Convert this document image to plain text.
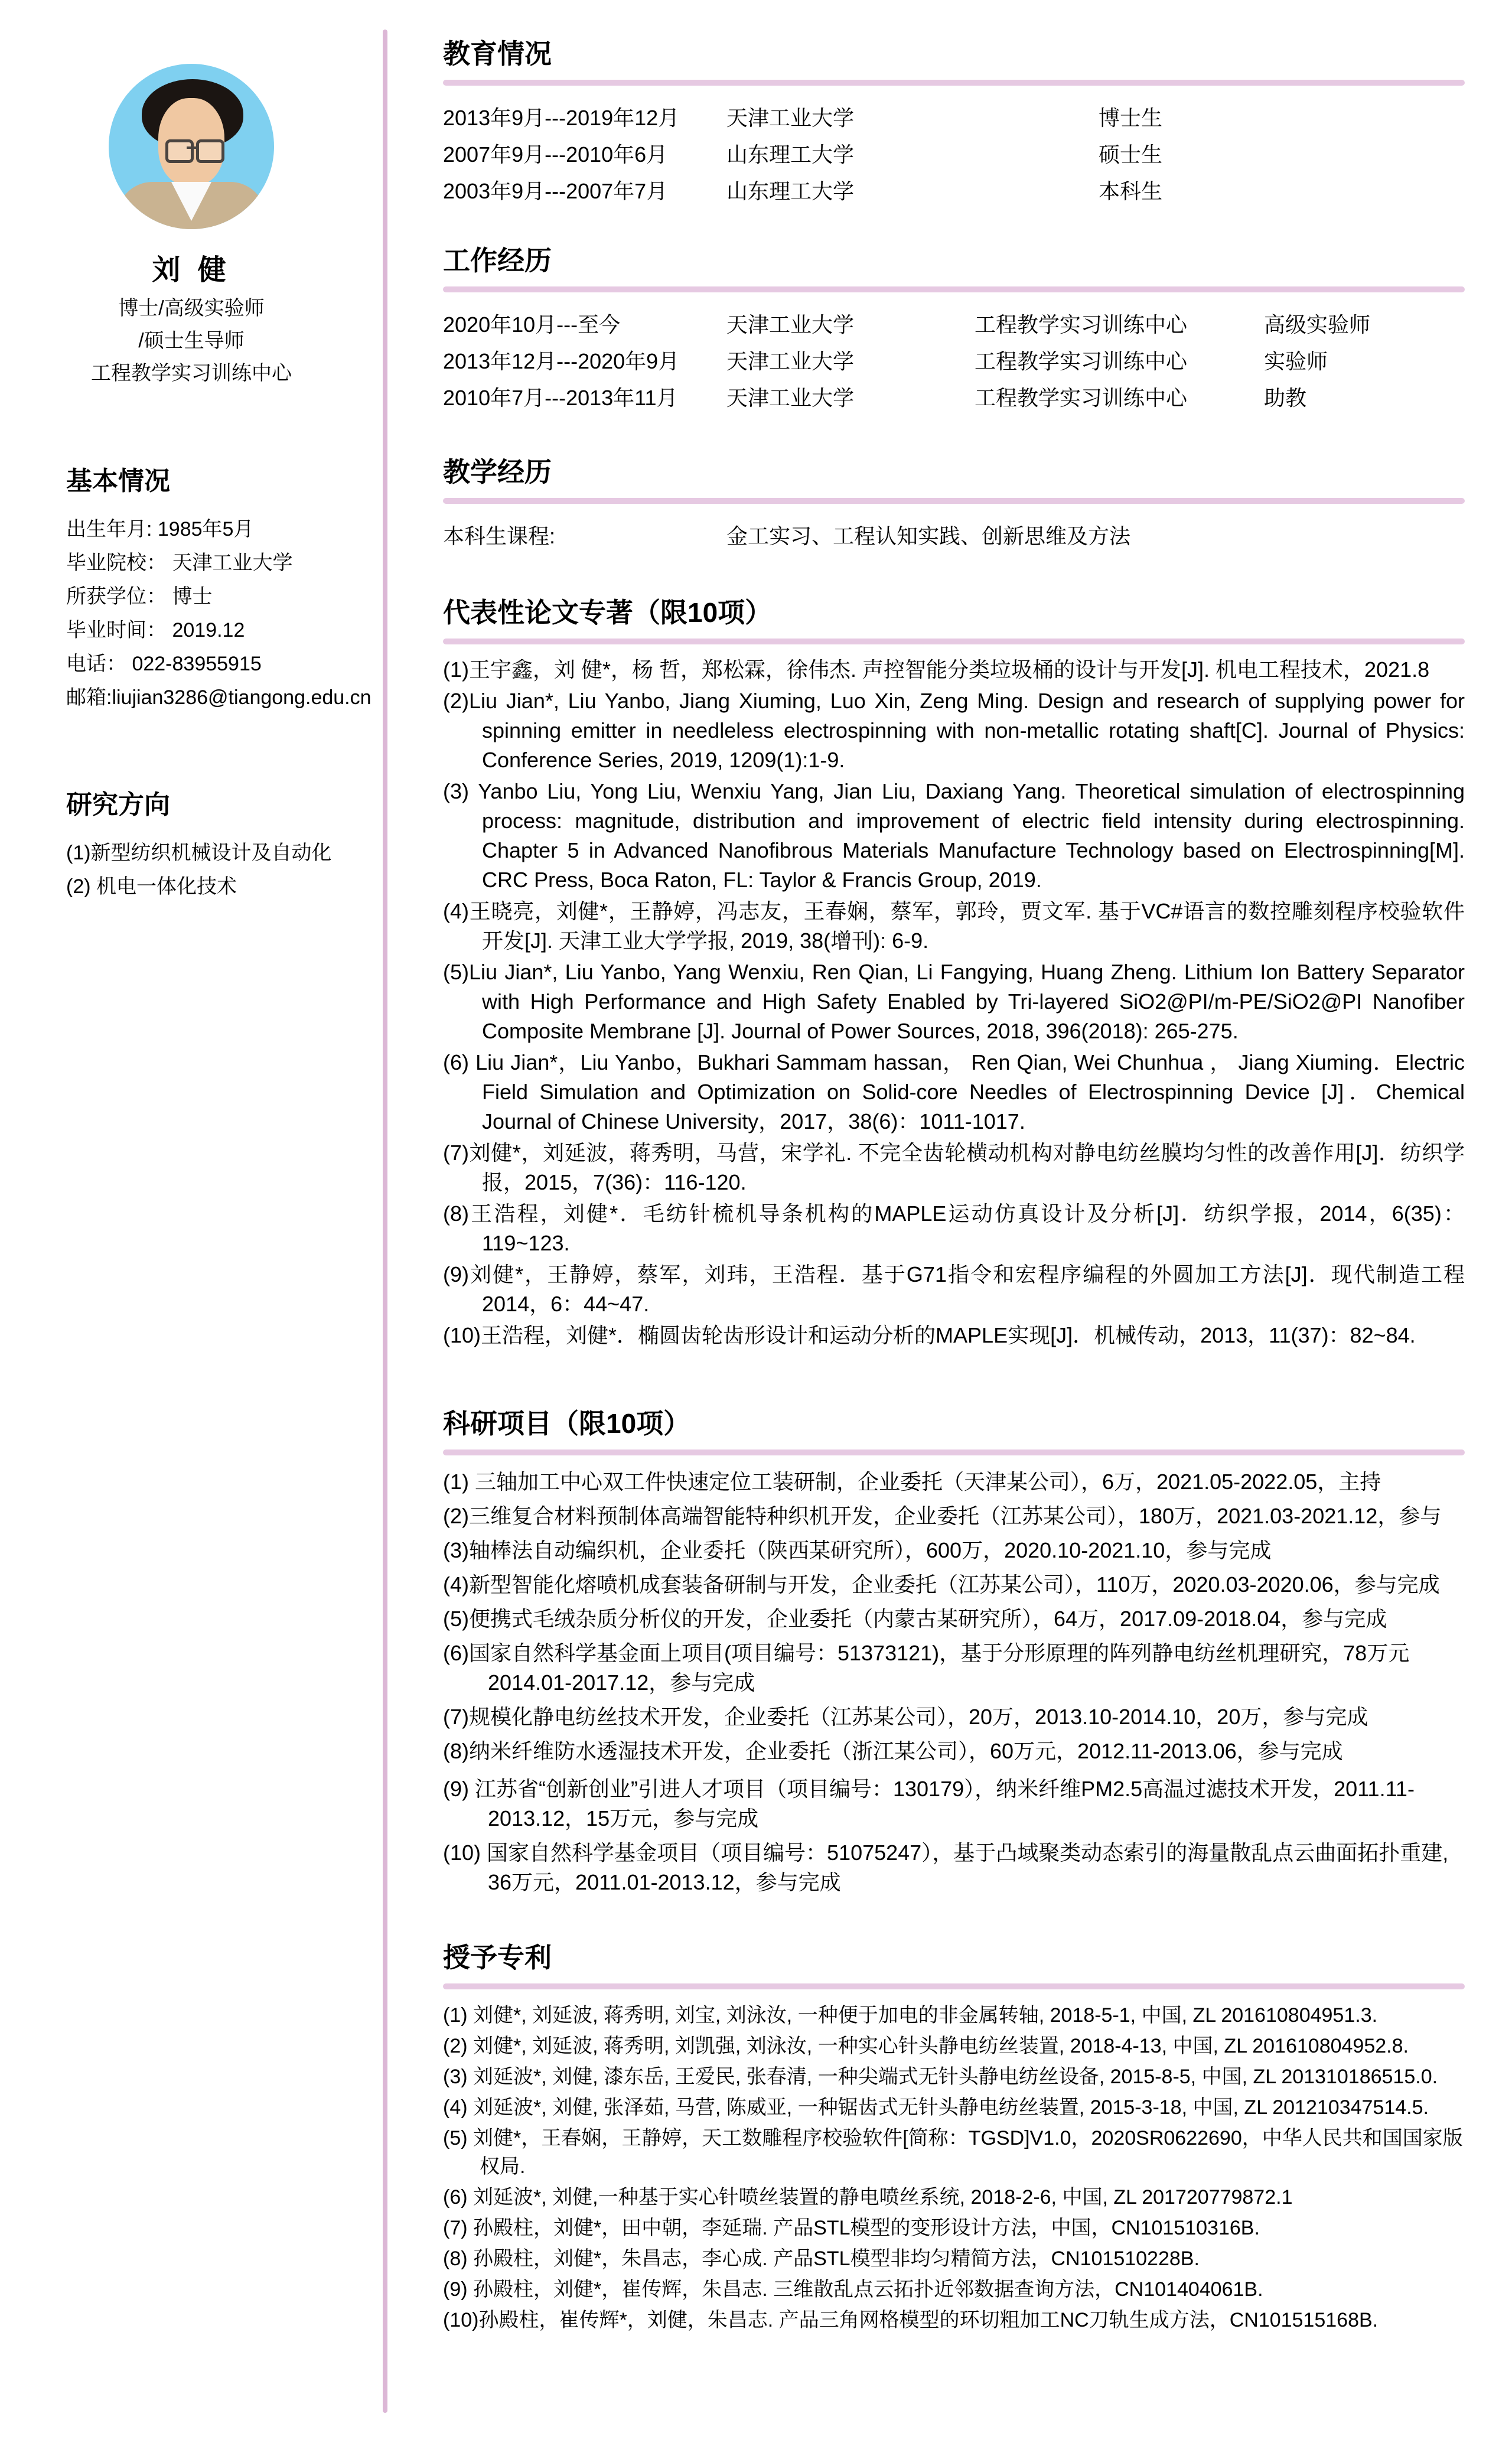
刘 健
博士/高级实验师
/硕士生导师
工程教学实习训练中心
基本情况
出生年月: 1985年5月
毕业院校： 天津工业大学
所获学位： 博士
毕业时间： 2019.12
电话： 022-83955915
邮箱:liujian3286@tiangong.edu.cn
研究方向
(1)新型纺织机械设计及自动化
(2) 机电一体化技术
教育情况
2013年9月---2019年12月	天津工业大学	博士生
2007年9月---2010年6月	山东理工大学	硕士生
2003年9月---2007年7月	山东理工大学	本科生
工作经历
2020年10月---至今	天津工业大学	工程教学实习训练中心	高级实验师
2013年12月---2020年9月	天津工业大学	工程教学实习训练中心	实验师
2010年7月---2013年11月	天津工业大学	工程教学实习训练中心	助教
教学经历
本科生课程:	金工实习、工程认知实践、创新思维及方法
代表性论文专著（限10项）
(1)王宇鑫，刘 健*，杨 哲，郑松霖，徐伟杰. 声控智能分类垃圾桶的设计与开发[J]. 机电工程技术，2021.8
(2)Liu Jian*, Liu Yanbo, Jiang Xiuming, Luo Xin, Zeng Ming. Design and research of supplying power for spinning emitter in needleless electrospinning with non-metallic rotating shaft[C]. Journal of Physics: Conference Series, 2019, 1209(1):1-9.
(3) Yanbo Liu, Yong Liu, Wenxiu Yang, Jian Liu, Daxiang Yang. Theoretical simulation of electrospinning process: magnitude, distribution and improvement of electric field intensity during electrospinning. Chapter 5 in Advanced Nanofibrous Materials Manufacture Technology based on Electrospinning[M]. CRC Press, Boca Raton, FL: Taylor & Francis Group, 2019.
(4)王晓亮，刘健*，王静婷，冯志友，王春娴，蔡军，郭玲，贾文军. 基于VC#语言的数控雕刻程序校验软件开发[J]. 天津工业大学学报, 2019, 38(增刊): 6-9.
(5)Liu Jian*, Liu Yanbo, Yang Wenxiu, Ren Qian, Li Fangying, Huang Zheng. Lithium Ion Battery Separator with High Performance and High Safety Enabled by Tri-layered SiO2@PI/m-PE/SiO2@PI Nanofiber Composite Membrane [J]. Journal of Power Sources, 2018, 396(2018): 265-275.
(6) Liu Jian*，Liu Yanbo，Bukhari Sammam hassan， Ren Qian, Wei Chunhua ， Jiang Xiuming．Electric Field Simulation and Optimization on Solid-core Needles of Electrospinning Device [J]．Chemical Journal of Chinese University，2017，38(6)：1011-1017.
(7)刘健*，刘延波，蒋秀明，马营，宋学礼. 不完全齿轮横动机构对静电纺丝膜均匀性的改善作用[J]．纺织学报，2015，7(36)：116-120.
(8)王浩程，刘健*．毛纺针梳机导条机构的MAPLE运动仿真设计及分析[J]．纺织学报，2014，6(35)：119~123.
(9)刘健*，王静婷，蔡军，刘玮，王浩程．基于G71指令和宏程序编程的外圆加工方法[J]．现代制造工程 2014，6：44~47.
(10)王浩程，刘健*．椭圆齿轮齿形设计和运动分析的MAPLE实现[J]．机械传动，2013，11(37)：82~84.
科研项目（限10项）
(1) 三轴加工中心双工件快速定位工装研制，企业委托（天津某公司），6万，2021.05-2022.05，主持
(2)三维复合材料预制体高端智能特种织机开发，企业委托（江苏某公司），180万，2021.03-2021.12，参与
(3)轴棒法自动编织机，企业委托（陕西某研究所），600万，2020.10-2021.10，参与完成
(4)新型智能化熔喷机成套装备研制与开发，企业委托（江苏某公司），110万，2020.03-2020.06，参与完成
(5)便携式毛绒杂质分析仪的开发，企业委托（内蒙古某研究所），64万，2017.09-2018.04，参与完成
(6)国家自然科学基金面上项目(项目编号：51373121)，基于分形原理的阵列静电纺丝机理研究，78万元 2014.01-2017.12，参与完成
(7)规模化静电纺丝技术开发，企业委托（江苏某公司），20万，2013.10-2014.10，20万，参与完成
(8)纳米纤维防水透湿技术开发，企业委托（浙江某公司），60万元，2012.11-2013.06，参与完成
(9) 江苏省“创新创业”引进人才项目（项目编号：130179），纳米纤维PM2.5高温过滤技术开发，2011.11-2013.12，15万元，参与完成
(10) 国家自然科学基金项目（项目编号：51075247），基于凸域聚类动态索引的海量散乱点云曲面拓扑重建, 36万元，2011.01-2013.12，参与完成
授予专利
(1) 刘健*, 刘延波, 蒋秀明, 刘宝, 刘泳汝, 一种便于加电的非金属转轴, 2018-5-1, 中国, ZL 201610804951.3.
(2) 刘健*, 刘延波, 蒋秀明, 刘凯强, 刘泳汝, 一种实心针头静电纺丝装置, 2018-4-13, 中国, ZL 201610804952.8.
(3) 刘延波*, 刘健, 漆东岳, 王爱民, 张春清, 一种尖端式无针头静电纺丝设备, 2015-8-5, 中国, ZL 201310186515.0.
(4) 刘延波*, 刘健, 张泽茹, 马营, 陈威亚, 一种锯齿式无针头静电纺丝装置, 2015-3-18, 中国, ZL 201210347514.5.
(5) 刘健*，王春娴，王静婷，天工数雕程序校验软件[简称：TGSD]V1.0，2020SR0622690，中华人民共和国国家版权局.
(6) 刘延波*, 刘健,一种基于实心针喷丝装置的静电喷丝系统, 2018-2-6, 中国, ZL 201720779872.1
(7) 孙殿柱，刘健*，田中朝，李延瑞. 产品STL模型的变形设计方法，中国，CN101510316B.
(8) 孙殿柱，刘健*，朱昌志，李心成. 产品STL模型非均匀精简方法，CN101510228B.
(9) 孙殿柱，刘健*，崔传辉，朱昌志. 三维散乱点云拓扑近邻数据查询方法，CN101404061B.
(10)孙殿柱，崔传辉*，刘健，朱昌志. 产品三角网格模型的环切粗加工NC刀轨生成方法，CN101515168B.
